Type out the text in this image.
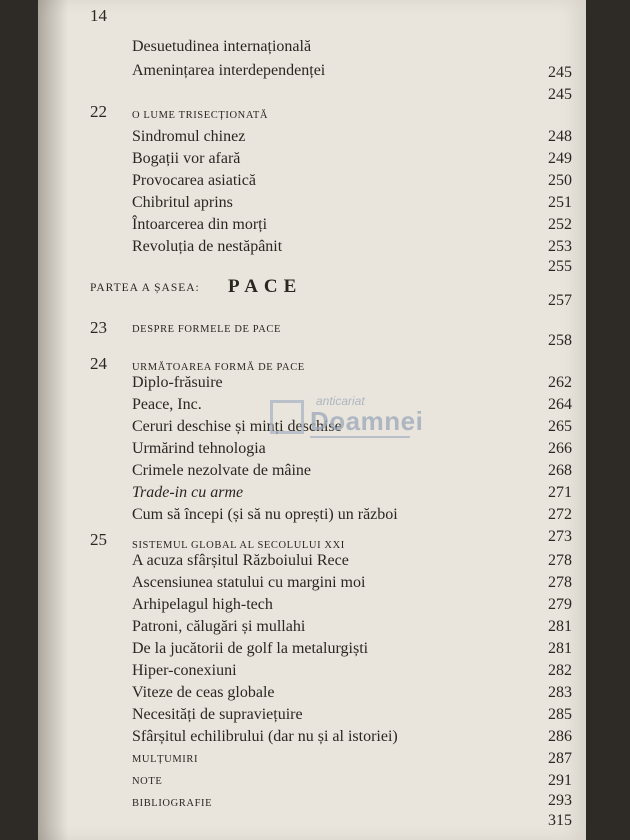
14
Desuetudinea internațională
Amenințarea interdependenței	245
245
22 O LUME TRISECȚIONATĂ
Sindromul chinez
Bogații vor afară
Provocarea asiatică
Chibritul aprins
Întoarcerea din morți
Revoluția de nestăpânit
248
249
250
251
252
253
255
PARTEA A ȘASEA: PACE
257
23 DESPRE FORMELE DE PACE
258
24 URMĂTOAREA FORMĂ DE PACE
Diplo-frăsuire
Peace, Inc.
Ceruri deschise și minți deschise
Urmărind tehnologia
Crimele nezolvate de mâine
Trade-in cu arme
Cum să începi (și să nu oprești) un război
262
264
265
266
268
271
272
273
25 SISTEMUL GLOBAL AL SECOLULUI XXI
A acuza sfârșitul Războiului Rece
Ascensiunea statului cu margini moi
Arhipelagul high-tech
Patroni, călugări și mullahi
De la jucătorii de golf la metalurgiști
Hiper-conexiuni
Viteze de ceas globale
Necesități de supraviețuire
Sfârșitul echilibrului (dar nu și al istoriei)
278
278
279
281
281
282
283
285
286
287
MULȚUMIRI
NOTE
BIBLIOGRAFIE
291
293
315
anticariat
Doamnei
